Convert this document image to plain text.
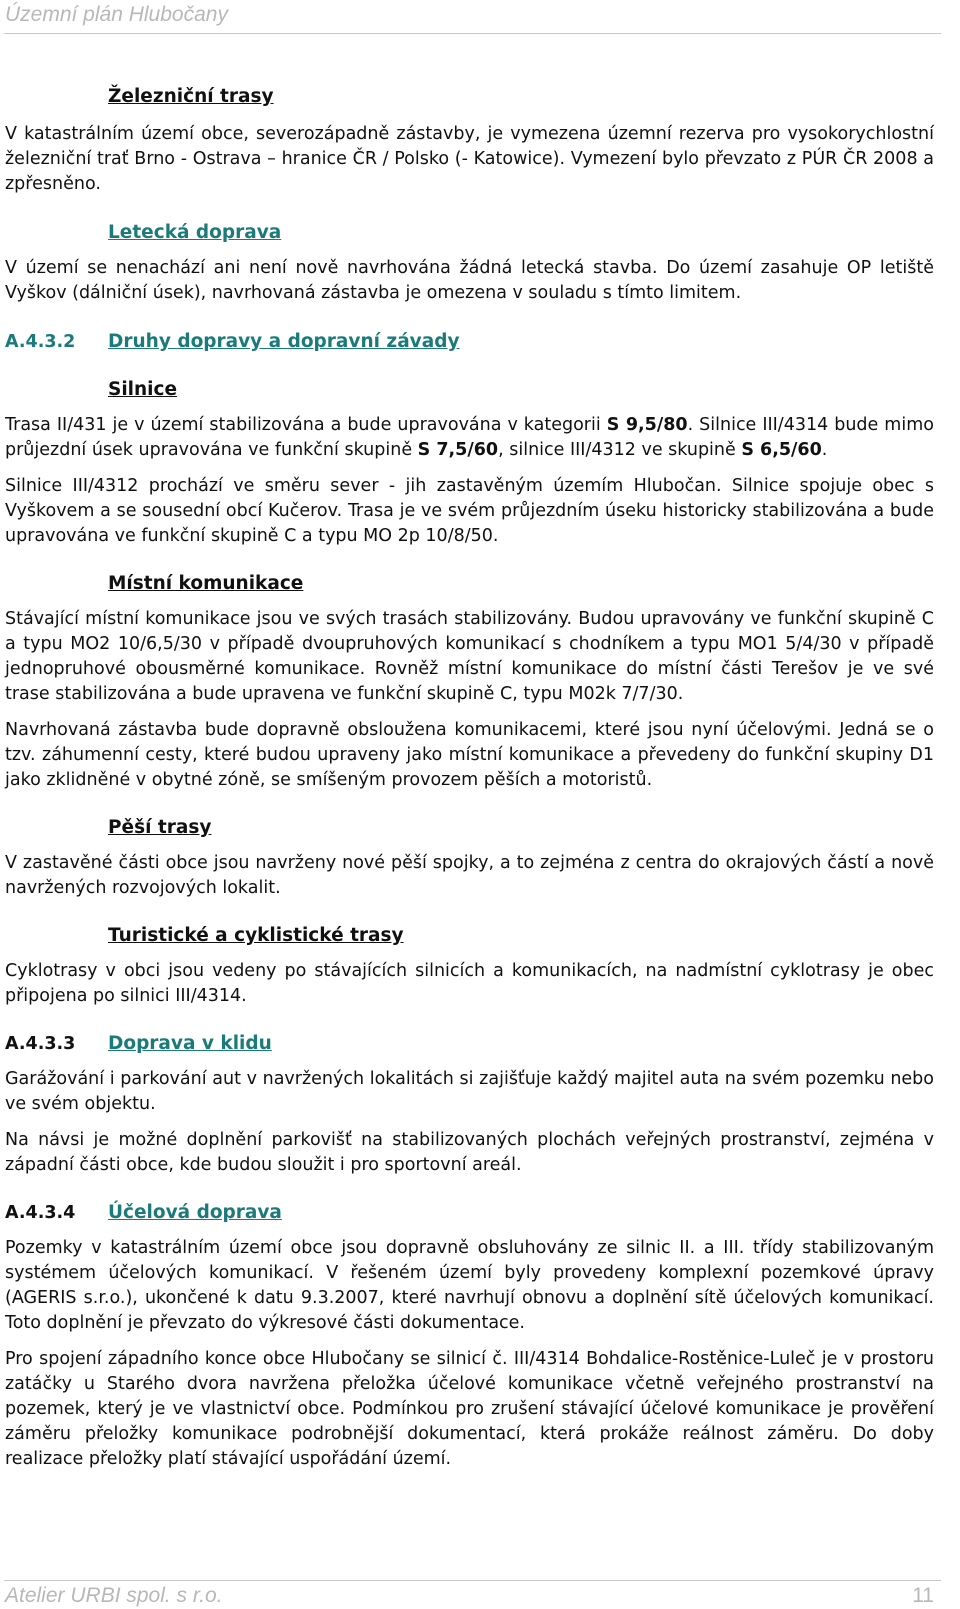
Územní plán Hlubočany
Železniční trasy

V katastrálním území obce, severozápadně zástavby, je vymezena územní rezerva pro vysokorychlostní železniční trať Brno - Ostrava – hranice ČR / Polsko (- Katowice). Vymezení bylo převzato z PÚR ČR 2008 a zpřesněno.

Letecká doprava

V území se nenachází ani není nově navrhována žádná letecká stavba. Do území zasahuje OP letiště Vyškov (dálniční úsek), navrhovaná zástavba je omezena v souladu s tímto limitem.

A.4.3.2	Druhy dopravy a dopravní závady
Silnice

Trasa II/431 je v území stabilizována a bude upravována v kategorii S 9,5/80. Silnice III/4314 bude mimo průjezdní úsek upravována ve funkční skupině S 7,5/60, silnice III/4312 ve skupině S 6,5/60.

Silnice III/4312 prochází ve směru sever - jih zastavěným územím Hlubočan. Silnice spojuje obec s Vyškovem a se sousední obcí Kučerov. Trasa je ve svém průjezdním úseku historicky stabilizována a bude upravována ve funkční skupině C a typu MO 2p 10/8/50.

Místní komunikace

Stávající místní komunikace jsou ve svých trasách stabilizovány. Budou upravovány ve funkční skupině C a typu MO2 10/6,5/30 v případě dvoupruhových komunikací s chodníkem a typu MO1 5/4/30 v případě jednopruhové obousměrné komunikace. Rovněž místní komunikace do místní části Terešov je ve své trase stabilizována a bude upravena ve funkční skupině C, typu M02k 7/7/30.

Navrhovaná zástavba bude dopravně obsloužena komunikacemi, které jsou nyní účelovými. Jedná se o tzv. záhumenní cesty, které budou upraveny jako místní komunikace a převedeny do funkční skupiny D1 jako zklidněné v obytné zóně, se smíšeným provozem pěších a motoristů.

Pěší trasy

V zastavěné části obce jsou navrženy nové pěší spojky, a to zejména z centra do okrajových částí a nově navržených rozvojových lokalit.

Turistické a cyklistické trasy

Cyklotrasy v obci jsou vedeny po stávajících silnicích a komunikacích, na nadmístní cyklotrasy je obec připojena po silnici III/4314.

A.4.3.3	Doprava v klidu

Garážování i parkování aut v navržených lokalitách si zajišťuje každý majitel auta na svém pozemku nebo ve svém objektu.

Na návsi je možné doplnění parkovišť na stabilizovaných plochách veřejných prostranství, zejména v západní části obce, kde budou sloužit i pro sportovní areál.

A.4.3.4	Účelová doprava

Pozemky v katastrálním území obce jsou dopravně obsluhovány ze silnic II. a III. třídy stabilizovaným systémem účelových komunikací. V řešeném území byly provedeny komplexní pozemkové úpravy (AGERIS s.r.o.), ukončené k datu 9.3.2007, které navrhují obnovu a doplnění sítě účelových komunikací. Toto doplnění je převzato do výkresové části dokumentace.

Pro spojení západního konce obce Hlubočany se silnicí č. III/4314 Bohdalice-Rostěnice-Luleč je v prostoru zatáčky u Starého dvora navržena přeložka účelové komunikace včetně veřejného prostranství na pozemek, který je ve vlastnictví obce. Podmínkou pro zrušení stávající účelové komunikace je prověření záměru přeložky komunikace podrobnější dokumentací, která prokáže reálnost záměru. Do doby realizace přeložky platí stávající uspořádání území.

Atelier URBI spol. s r.o.	11
